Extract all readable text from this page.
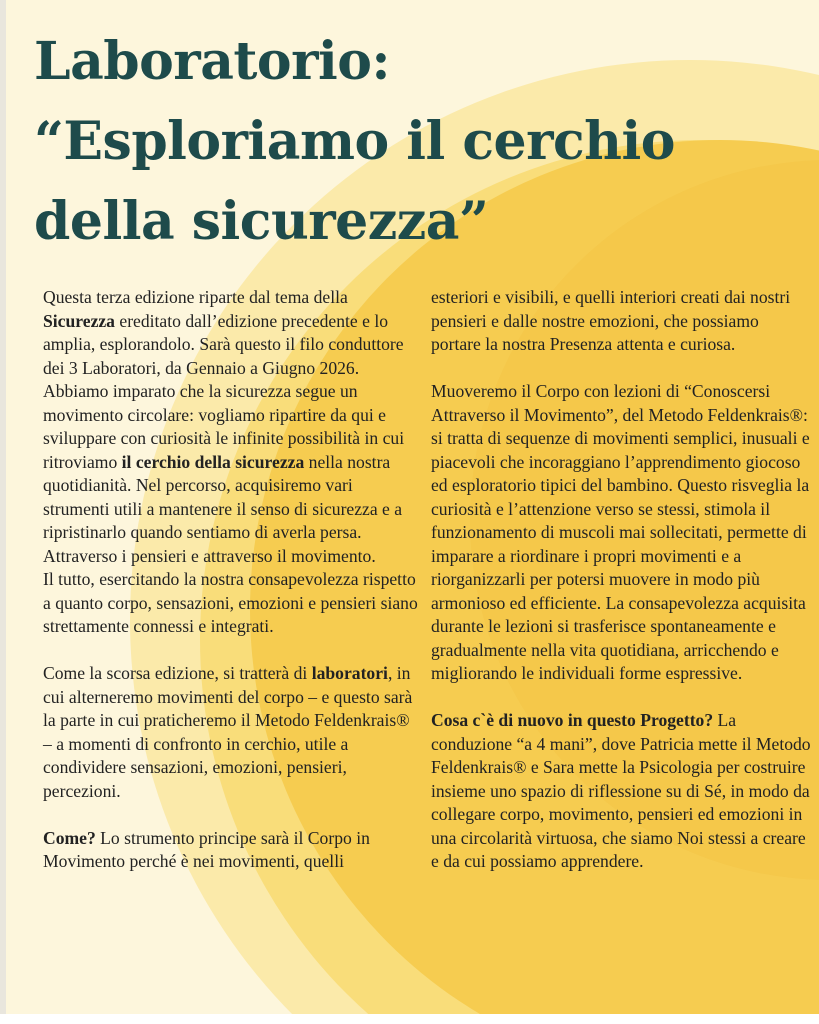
Laboratorio:
“Esploriamo il cerchio
della sicurezza”

Questa terza edizione riparte dal tema della Sicurezza ereditato dall’edizione precedente e lo amplia, esplorandolo. Sarà questo il filo conduttore dei 3 Laboratori, da Gennaio a Giugno 2026.

Abbiamo imparato che la sicurezza segue un movimento circolare: vogliamo ripartire da qui e sviluppare con curiosità le infinite possibilità in cui ritroviamo il cerchio della sicurezza nella nostra quotidianità. Nel percorso, acquisiremo vari strumenti utili a mantenere il senso di sicurezza e a ripristinarlo quando sentiamo di averla persa. Attraverso i pensieri e attraverso il movimento.

Il tutto, esercitando la nostra consapevolezza rispetto a quanto corpo, sensazioni, emozioni e pensieri siano strettamente connessi e integrati.

Come la scorsa edizione, si tratterà di laboratori, in cui alterneremo movimenti del corpo – e questo sarà la parte in cui praticheremo il Metodo Feldenkrais® – a momenti di confronto in cerchio, utile a condividere sensazioni, emozioni, pensieri, percezioni.

Come? Lo strumento principe sarà il Corpo in Movimento perché è nei movimenti, quelli

esteriori e visibili, e quelli interiori creati dai nostri pensieri e dalle nostre emozioni, che possiamo portare la nostra Presenza attenta e curiosa.

Muoveremo il Corpo con lezioni di “Conoscersi Attraverso il Movimento”, del Metodo Feldenkrais®: si tratta di sequenze di movimenti semplici, inusuali e piacevoli che incoraggiano l’apprendimento giocoso ed esploratorio tipici del bambino. Questo risveglia la curiosità e l’attenzione verso se stessi, stimola il funzionamento di muscoli mai sollecitati, permette di imparare a riordinare i propri movimenti e a riorganizzarli per potersi muovere in modo più armonioso ed efficiente. La consapevolezza acquisita durante le lezioni si trasferisce spontaneamente e gradualmente nella vita quotidiana, arricchendo e migliorando le individuali forme espressive.

Cosa c`è di nuovo in questo Progetto? La conduzione “a 4 mani”, dove Patricia mette il Metodo Feldenkrais® e Sara mette la Psicologia per costruire insieme uno spazio di riflessione su di Sé, in modo da collegare corpo, movimento, pensieri ed emozioni in una circolarità virtuosa, che siamo Noi stessi a creare e da cui possiamo apprendere.
